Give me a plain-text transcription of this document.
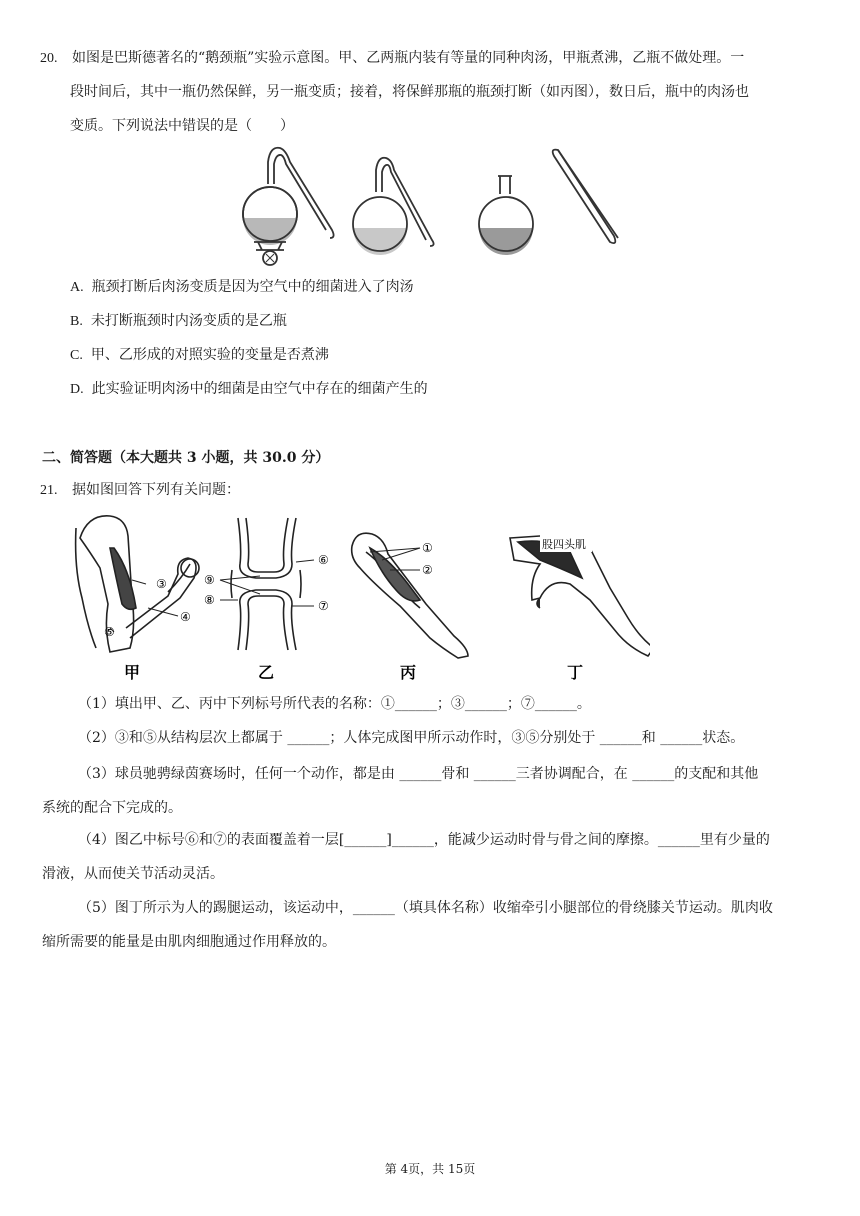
20. 如图是巴斯德著名的“鹅颈瓶”实验示意图。甲、乙两瓶内装有等量的同种肉汤，甲瓶煮沸，乙瓶不做处理。一
段时间后，其中一瓶仍然保鲜，另一瓶变质；接着，将保鲜那瓶的瓶颈打断（如丙图），数日后，瓶中的肉汤也
变质。下列说法中错误的是（　　）
A. 瓶颈打断后肉汤变质是因为空气中的细菌进入了肉汤
B. 未打断瓶颈时内汤变质的是乙瓶
C. 甲、乙形成的对照实验的变量是否煮沸
D. 此实验证明肉汤中的细菌是由空气中存在的细菌产生的
二、简答题（本大题共 3 小题，共 30.0 分）
21. 据如图回答下列有关问题：
③
④
⑤
甲
⑨
⑧
⑥
⑦
乙
①
②
丙
股四头肌
丁
（1）填出甲、乙、丙中下列标号所代表的名称：①______；③______；⑦______。
（2）③和⑤从结构层次上都属于 ______；人体完成图甲所示动作时，③⑤分别处于 ______和 ______状态。
（3）球员驰骋绿茵赛场时，任何一个动作，都是由 ______骨和 ______三者协调配合，在 ______的支配和其他
系统的配合下完成的。
（4）图乙中标号⑥和⑦的表面覆盖着一层[______]______，能减少运动时骨与骨之间的摩擦。______里有少量的
滑液，从而使关节活动灵活。
（5）图丁所示为人的踢腿运动，该运动中，______（填具体名称）收缩牵引小腿部位的骨绕膝关节运动。肌肉收
缩所需要的能量是由肌肉细胞通过作用释放的。
第 4页，共 15页
